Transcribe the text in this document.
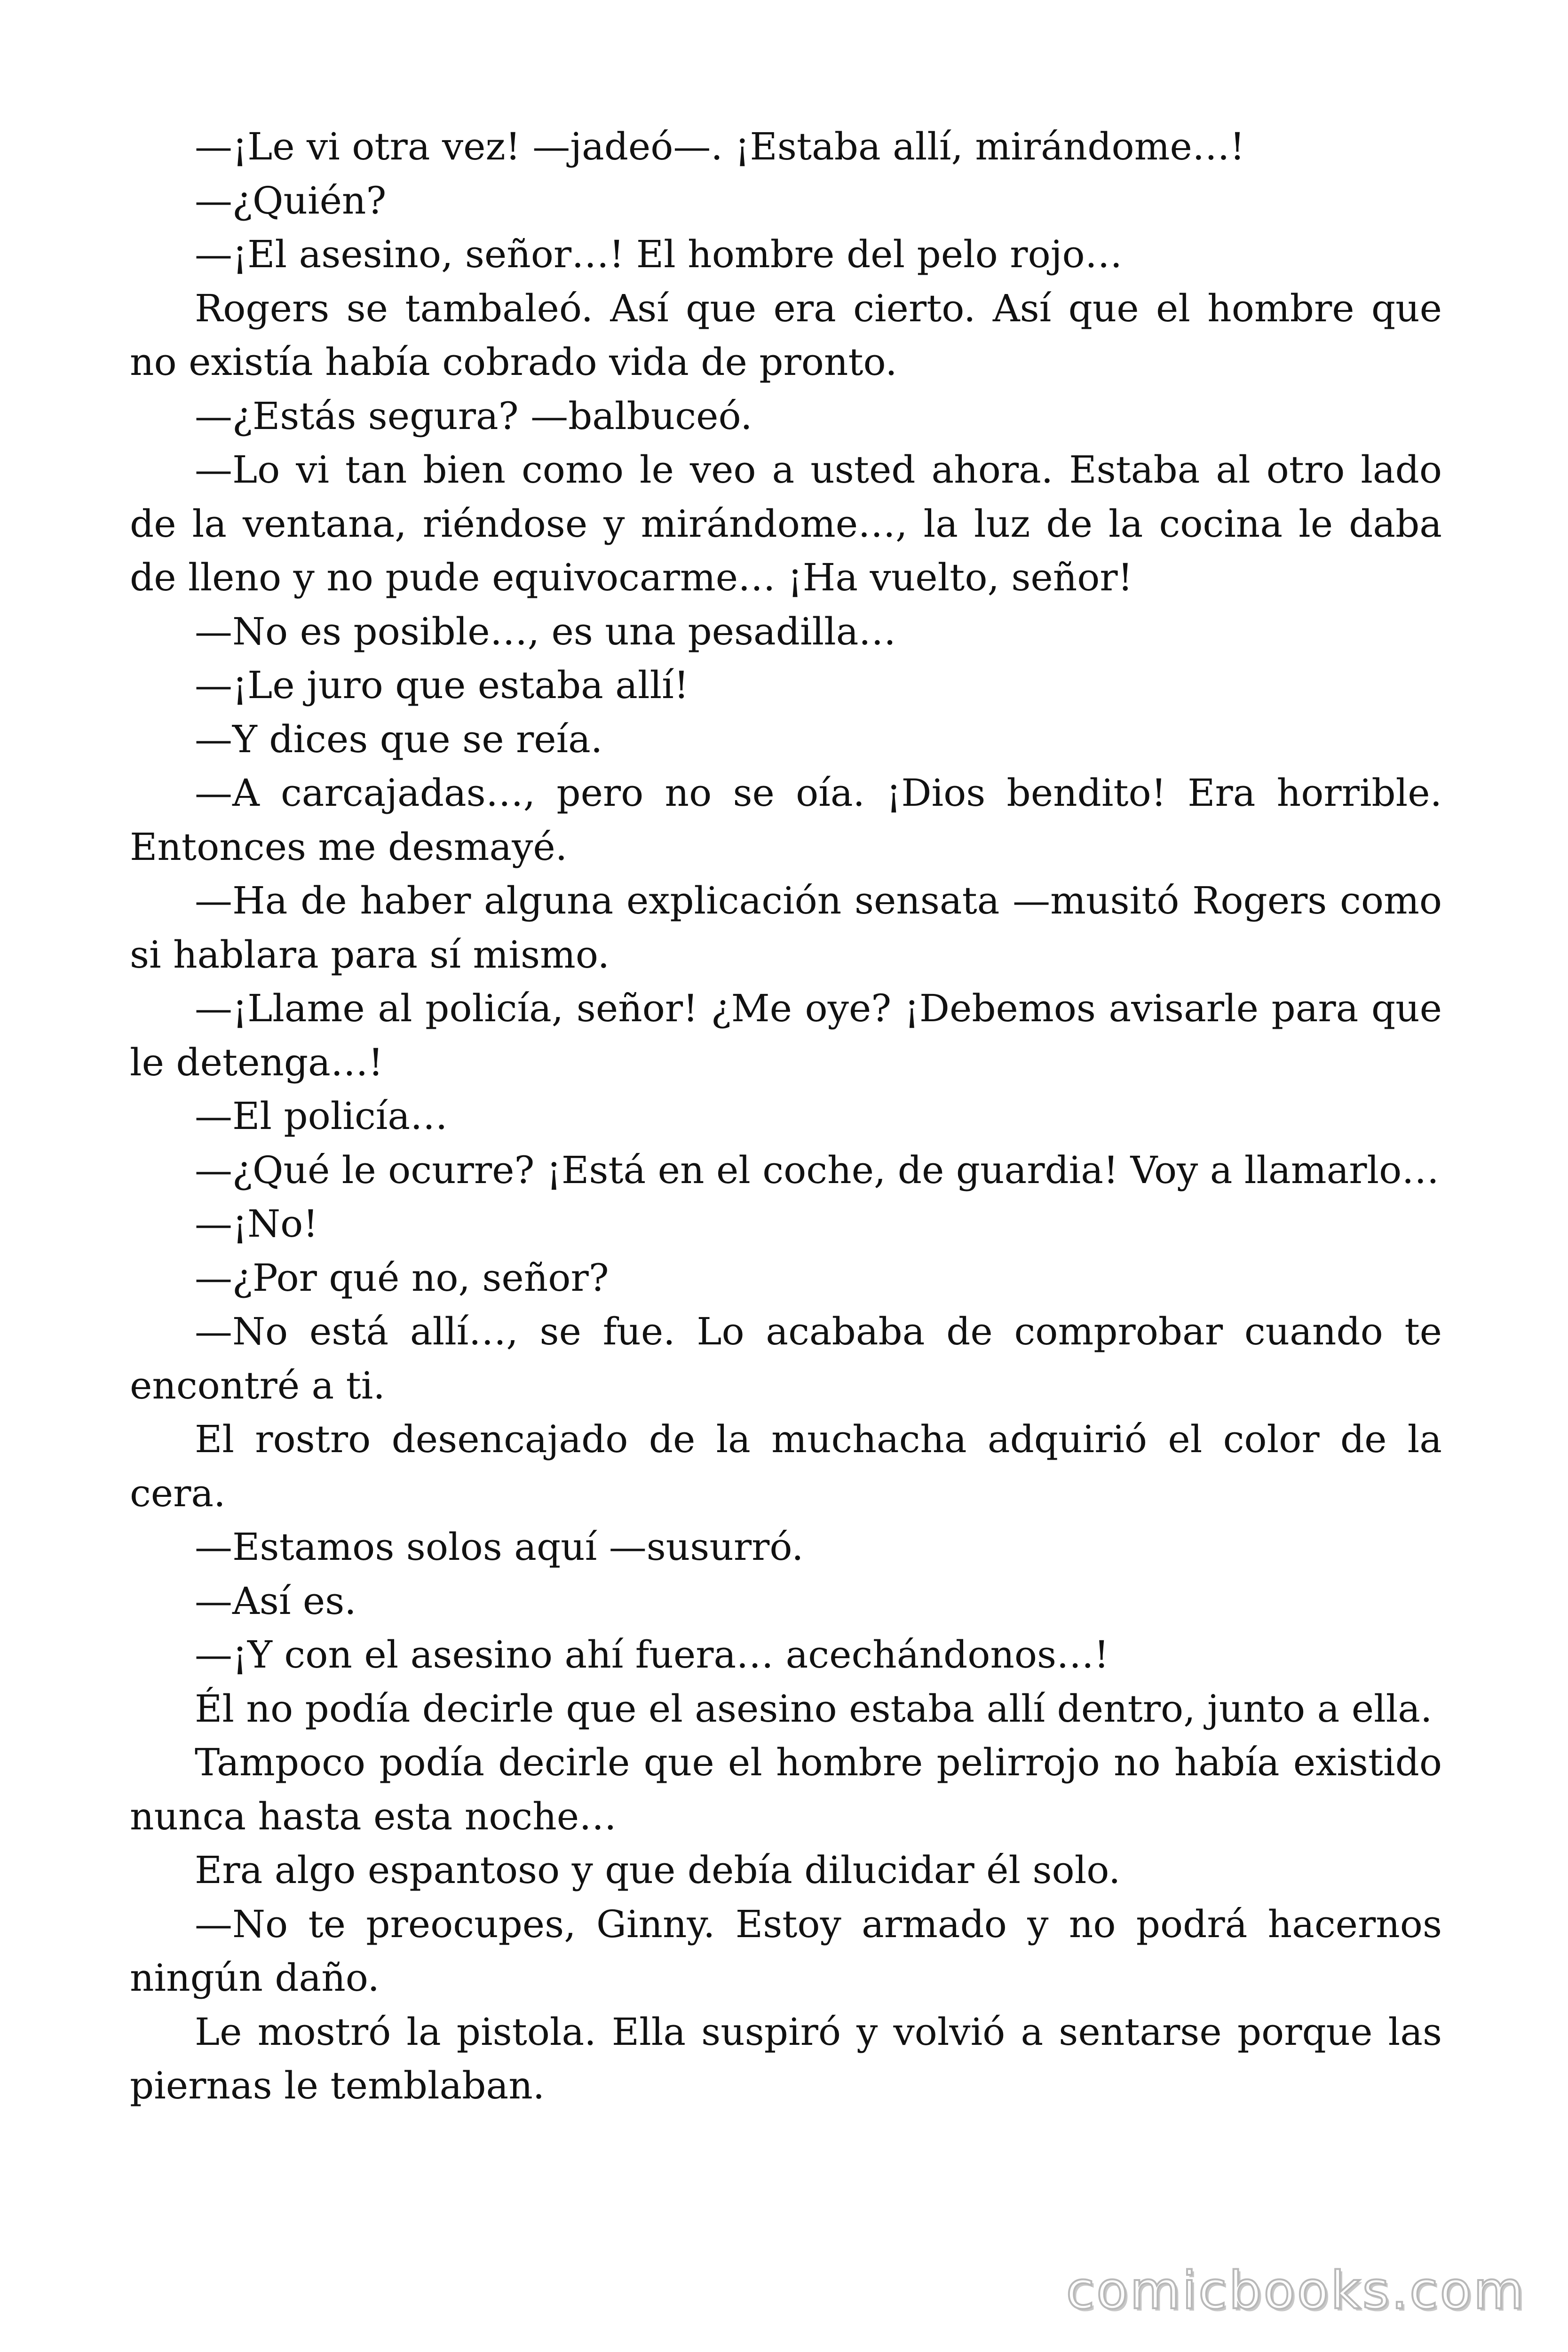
—¡Le vi otra vez! —jadeó—. ¡Estaba allí, mirándome…!

—¿Quién?

—¡El asesino, señor…! El hombre del pelo rojo…

Rogers se tambaleó. Así que era cierto. Así que el hombre que no existía había cobrado vida de pronto.

—¿Estás segura? —balbuceó.

—Lo vi tan bien como le veo a usted ahora. Estaba al otro lado de la ventana, riéndose y mirándome…, la luz de la cocina le daba de lleno y no pude equivocarme… ¡Ha vuelto, señor!

—No es posible…, es una pesadilla…

—¡Le juro que estaba allí!

—Y dices que se reía.

—A carcajadas…, pero no se oía. ¡Dios bendito! Era horrible. Entonces me desmayé.

—Ha de haber alguna explicación sensata —musitó Rogers como si hablara para sí mismo.

—¡Llame al policía, señor! ¿Me oye? ¡Debemos avisarle para que le detenga…!

—El policía…

—¿Qué le ocurre? ¡Está en el coche, de guardia! Voy a llamarlo…

—¡No!

—¿Por qué no, señor?

—No está allí…, se fue. Lo acababa de comprobar cuando te encontré a ti.

El rostro desencajado de la muchacha adquirió el color de la cera.

—Estamos solos aquí —susurró.

—Así es.

—¡Y con el asesino ahí fuera… acechándonos…!

Él no podía decirle que el asesino estaba allí dentro, junto a ella.

Tampoco podía decirle que el hombre pelirrojo no había existido nunca hasta esta noche…

Era algo espantoso y que debía dilucidar él solo.

—No te preocupes, Ginny. Estoy armado y no podrá hacernos ningún daño.

Le mostró la pistola. Ella suspiró y volvió a sentarse porque las piernas le temblaban.

comicbooks.com
